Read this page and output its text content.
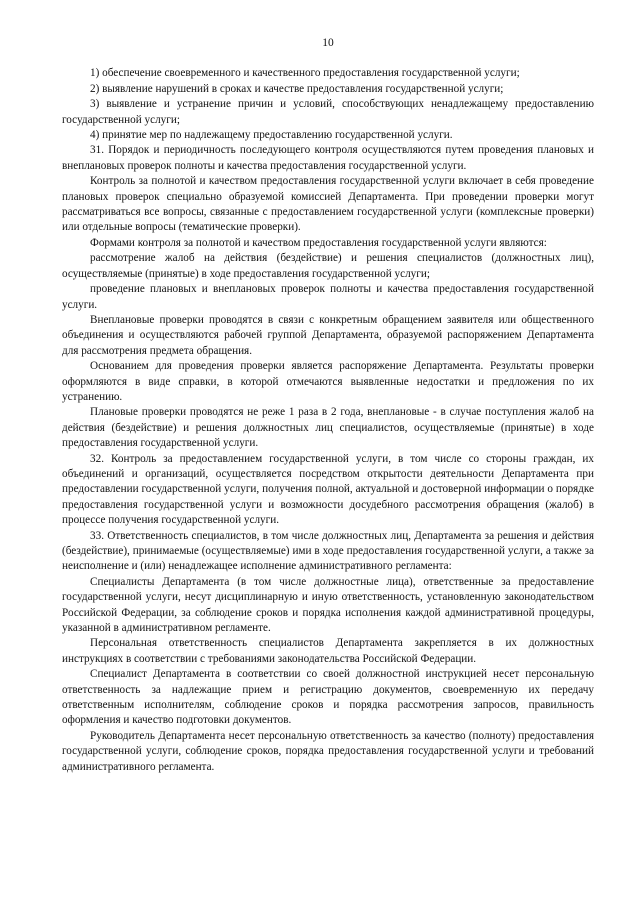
10

1) обеспечение своевременного и качественного предоставления государственной услуги;

2) выявление нарушений в сроках и качестве предоставления государственной услуги;

3) выявление и устранение причин и условий, способствующих ненадлежащему предоставлению государственной услуги;

4) принятие мер по надлежащему предоставлению государственной услуги.

31. Порядок и периодичность последующего контроля осуществляются путем проведения плановых и внеплановых проверок полноты и качества предоставления государственной услуги.

Контроль за полнотой и качеством предоставления государственной услуги включает в себя проведение плановых проверок специально образуемой комиссией Департамента. При проведении проверки могут рассматриваться все вопросы, связанные с предоставлением государственной услуги (комплексные проверки) или отдельные вопросы (тематические проверки).

Формами контроля за полнотой и качеством предоставления государственной услуги являются:

рассмотрение жалоб на действия (бездействие) и решения специалистов (должностных лиц), осуществляемые (принятые) в ходе предоставления государственной услуги;

проведение плановых и внеплановых проверок полноты и качества предоставления государственной услуги.

Внеплановые проверки проводятся в связи с конкретным обращением заявителя или общественного объединения и осуществляются рабочей группой Департамента, образуемой распоряжением Департамента для рассмотрения предмета обращения.

Основанием для проведения проверки является распоряжение Департамента. Результаты проверки оформляются в виде справки, в которой отмечаются выявленные недостатки и предложения по их устранению.

Плановые проверки проводятся не реже 1 раза в 2 года, внеплановые - в случае поступления жалоб на действия (бездействие) и решения должностных лиц специалистов, осуществляемые (принятые) в ходе предоставления государственной услуги.

32. Контроль за предоставлением государственной услуги, в том числе со стороны граждан, их объединений и организаций, осуществляется посредством открытости деятельности Департамента при предоставлении государственной услуги, получения полной, актуальной и достоверной информации о порядке предоставления государственной услуги и возможности досудебного рассмотрения обращения (жалоб) в процессе получения государственной услуги.

33. Ответственность специалистов, в том числе должностных лиц, Департамента за решения и действия (бездействие), принимаемые (осуществляемые) ими в ходе предоставления государственной услуги, а также за неисполнение и (или) ненадлежащее исполнение административного регламента:

Специалисты Департамента (в том числе должностные лица), ответственные за предоставление государственной услуги, несут дисциплинарную и иную ответственность, установленную законодательством Российской Федерации, за соблюдение сроков и порядка исполнения каждой административной процедуры, указанной в административном регламенте.

Персональная ответственность специалистов Департамента закрепляется в их должностных инструкциях в соответствии с требованиями законодательства Российской Федерации.

Специалист Департамента в соответствии со своей должностной инструкцией несет персональную ответственность за надлежащие прием и регистрацию документов, своевременную их передачу ответственным исполнителям, соблюдение сроков и порядка рассмотрения запросов, правильность оформления и качество подготовки документов.

Руководитель Департамента несет персональную ответственность за качество (полноту) предоставления государственной услуги, соблюдение сроков, порядка предоставления государственной услуги и требований административного регламента.
